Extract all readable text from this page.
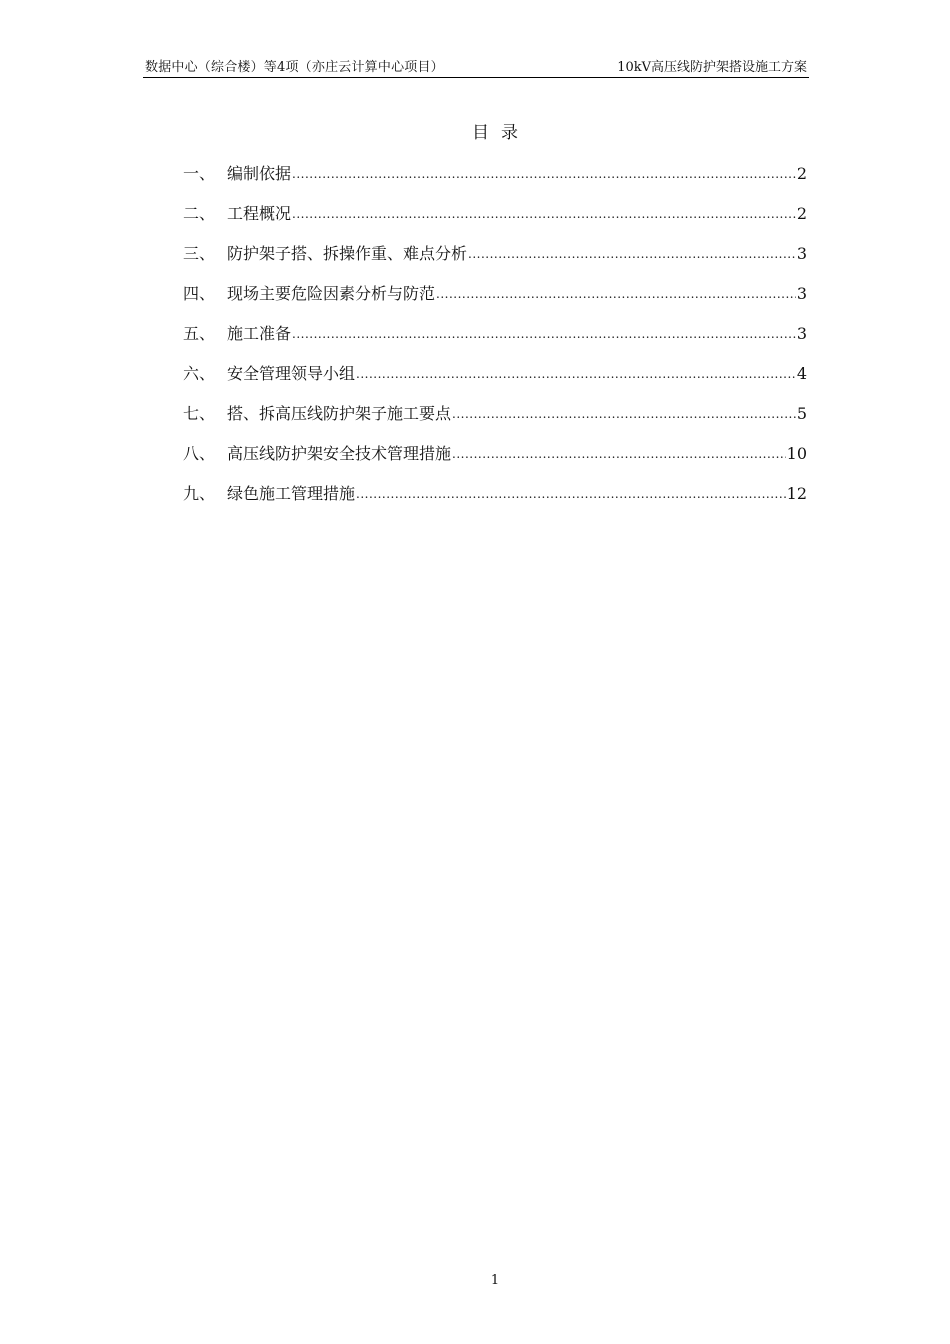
数据中心（综合楼）等4项（亦庄云计算中心项目）	10kV高压线防护架搭设施工方案
目 录
一、 编制依据 .....	2
二、 工程概况 .....	2
三、 防护架子搭、拆操作重、难点分析 .....	3
四、 现场主要危险因素分析与防范 .....	3
五、 施工准备 .....	3
六、 安全管理领导小组 .....	4
七、 搭、拆高压线防护架子施工要点 .....	5
八、 高压线防护架安全技术管理措施 .....	10
九、 绿色施工管理措施 .....	12
1
